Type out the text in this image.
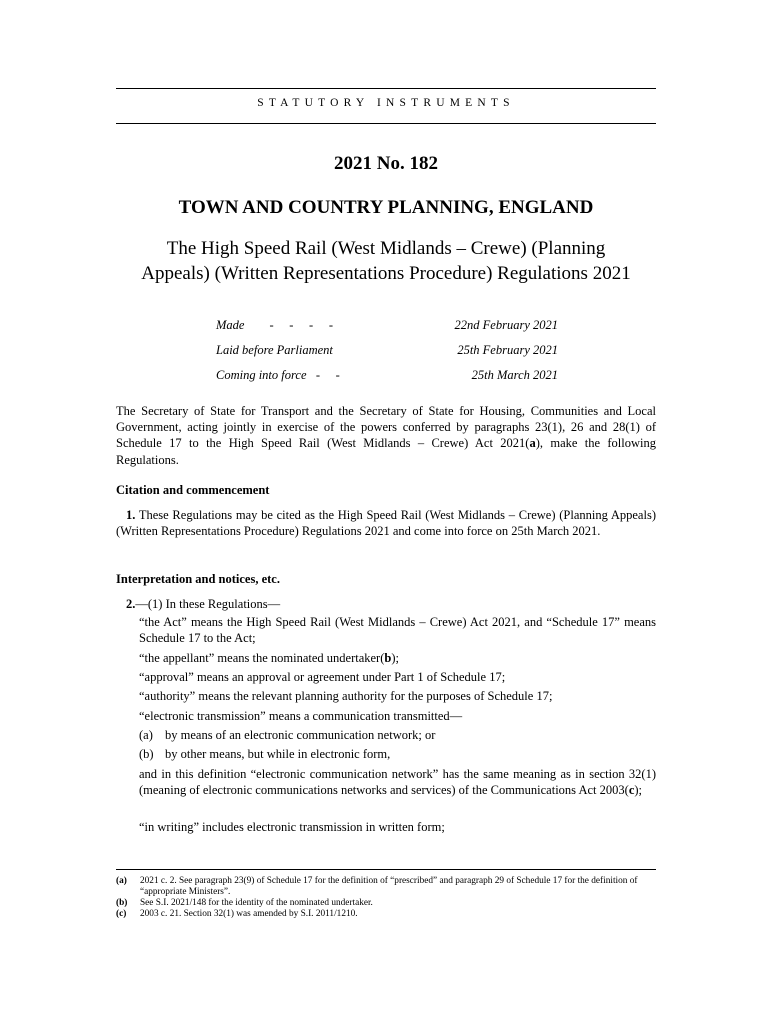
STATUTORY INSTRUMENTS
2021 No. 182
TOWN AND COUNTRY PLANNING, ENGLAND
The High Speed Rail (West Midlands – Crewe) (Planning
Appeals) (Written Representations Procedure) Regulations 2021
Made        -     -     -     -	22nd February 2021
Laid before Parliament	25th February 2021
Coming into force   -     -	25th March 2021
The Secretary of State for Transport and the Secretary of State for Housing, Communities and Local Government, acting jointly in exercise of the powers conferred by paragraphs 23(1), 26 and 28(1) of Schedule 17 to the High Speed Rail (West Midlands – Crewe) Act 2021(a), make the following Regulations.
Citation and commencement
1. These Regulations may be cited as the High Speed Rail (West Midlands – Crewe) (Planning Appeals) (Written Representations Procedure) Regulations 2021 and come into force on 25th March 2021.
Interpretation and notices, etc.
2.—(1) In these Regulations—
“the Act” means the High Speed Rail (West Midlands – Crewe) Act 2021, and “Schedule 17” means Schedule 17 to the Act;
“the appellant” means the nominated undertaker(b);
“approval” means an approval or agreement under Part 1 of Schedule 17;
“authority” means the relevant planning authority for the purposes of Schedule 17;
“electronic transmission” means a communication transmitted—
(a) by means of an electronic communication network; or
(b) by other means, but while in electronic form,
and in this definition “electronic communication network” has the same meaning as in section 32(1) (meaning of electronic communications networks and services) of the Communications Act 2003(c);
“in writing” includes electronic transmission in written form;
(a) 2021 c. 2. See paragraph 23(9) of Schedule 17 for the definition of “prescribed” and paragraph 29 of Schedule 17 for the definition of “appropriate Ministers”.
(b) See S.I. 2021/148 for the identity of the nominated undertaker.
(c) 2003 c. 21. Section 32(1) was amended by S.I. 2011/1210.
